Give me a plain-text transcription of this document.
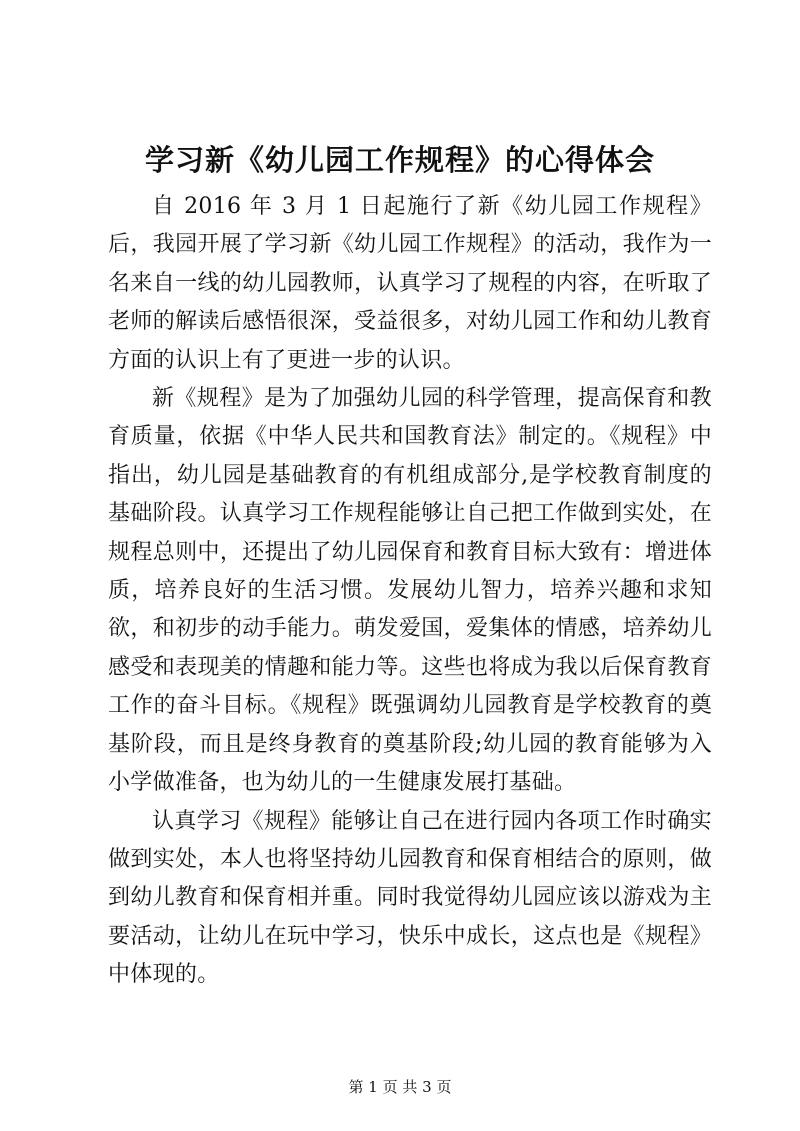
学习新《幼儿园工作规程》的心得体会

自 2016 年 3 月 1 日起施行了新《幼儿园工作规程》后，我园开展了学习新《幼儿园工作规程》的活动，我作为一名来自一线的幼儿园教师，认真学习了规程的内容，在听取了老师的解读后感悟很深，受益很多，对幼儿园工作和幼儿教育方面的认识上有了更进一步的认识。

新《规程》是为了加强幼儿园的科学管理，提高保育和教育质量，依据《中华人民共和国教育法》制定的。《规程》中指出，幼儿园是基础教育的有机组成部分,是学校教育制度的基础阶段。认真学习工作规程能够让自己把工作做到实处，在规程总则中，还提出了幼儿园保育和教育目标大致有：增进体质，培养良好的生活习惯。发展幼儿智力，培养兴趣和求知欲，和初步的动手能力。萌发爱国，爱集体的情感，培养幼儿感受和表现美的情趣和能力等。这些也将成为我以后保育教育工作的奋斗目标。《规程》既强调幼儿园教育是学校教育的奠基阶段，而且是终身教育的奠基阶段;幼儿园的教育能够为入小学做准备，也为幼儿的一生健康发展打基础。

认真学习《规程》能够让自己在进行园内各项工作时确实做到实处，本人也将坚持幼儿园教育和保育相结合的原则，做到幼儿教育和保育相并重。同时我觉得幼儿园应该以游戏为主要活动，让幼儿在玩中学习，快乐中成长，这点也是《规程》中体现的。

第 1 页 共 3 页
